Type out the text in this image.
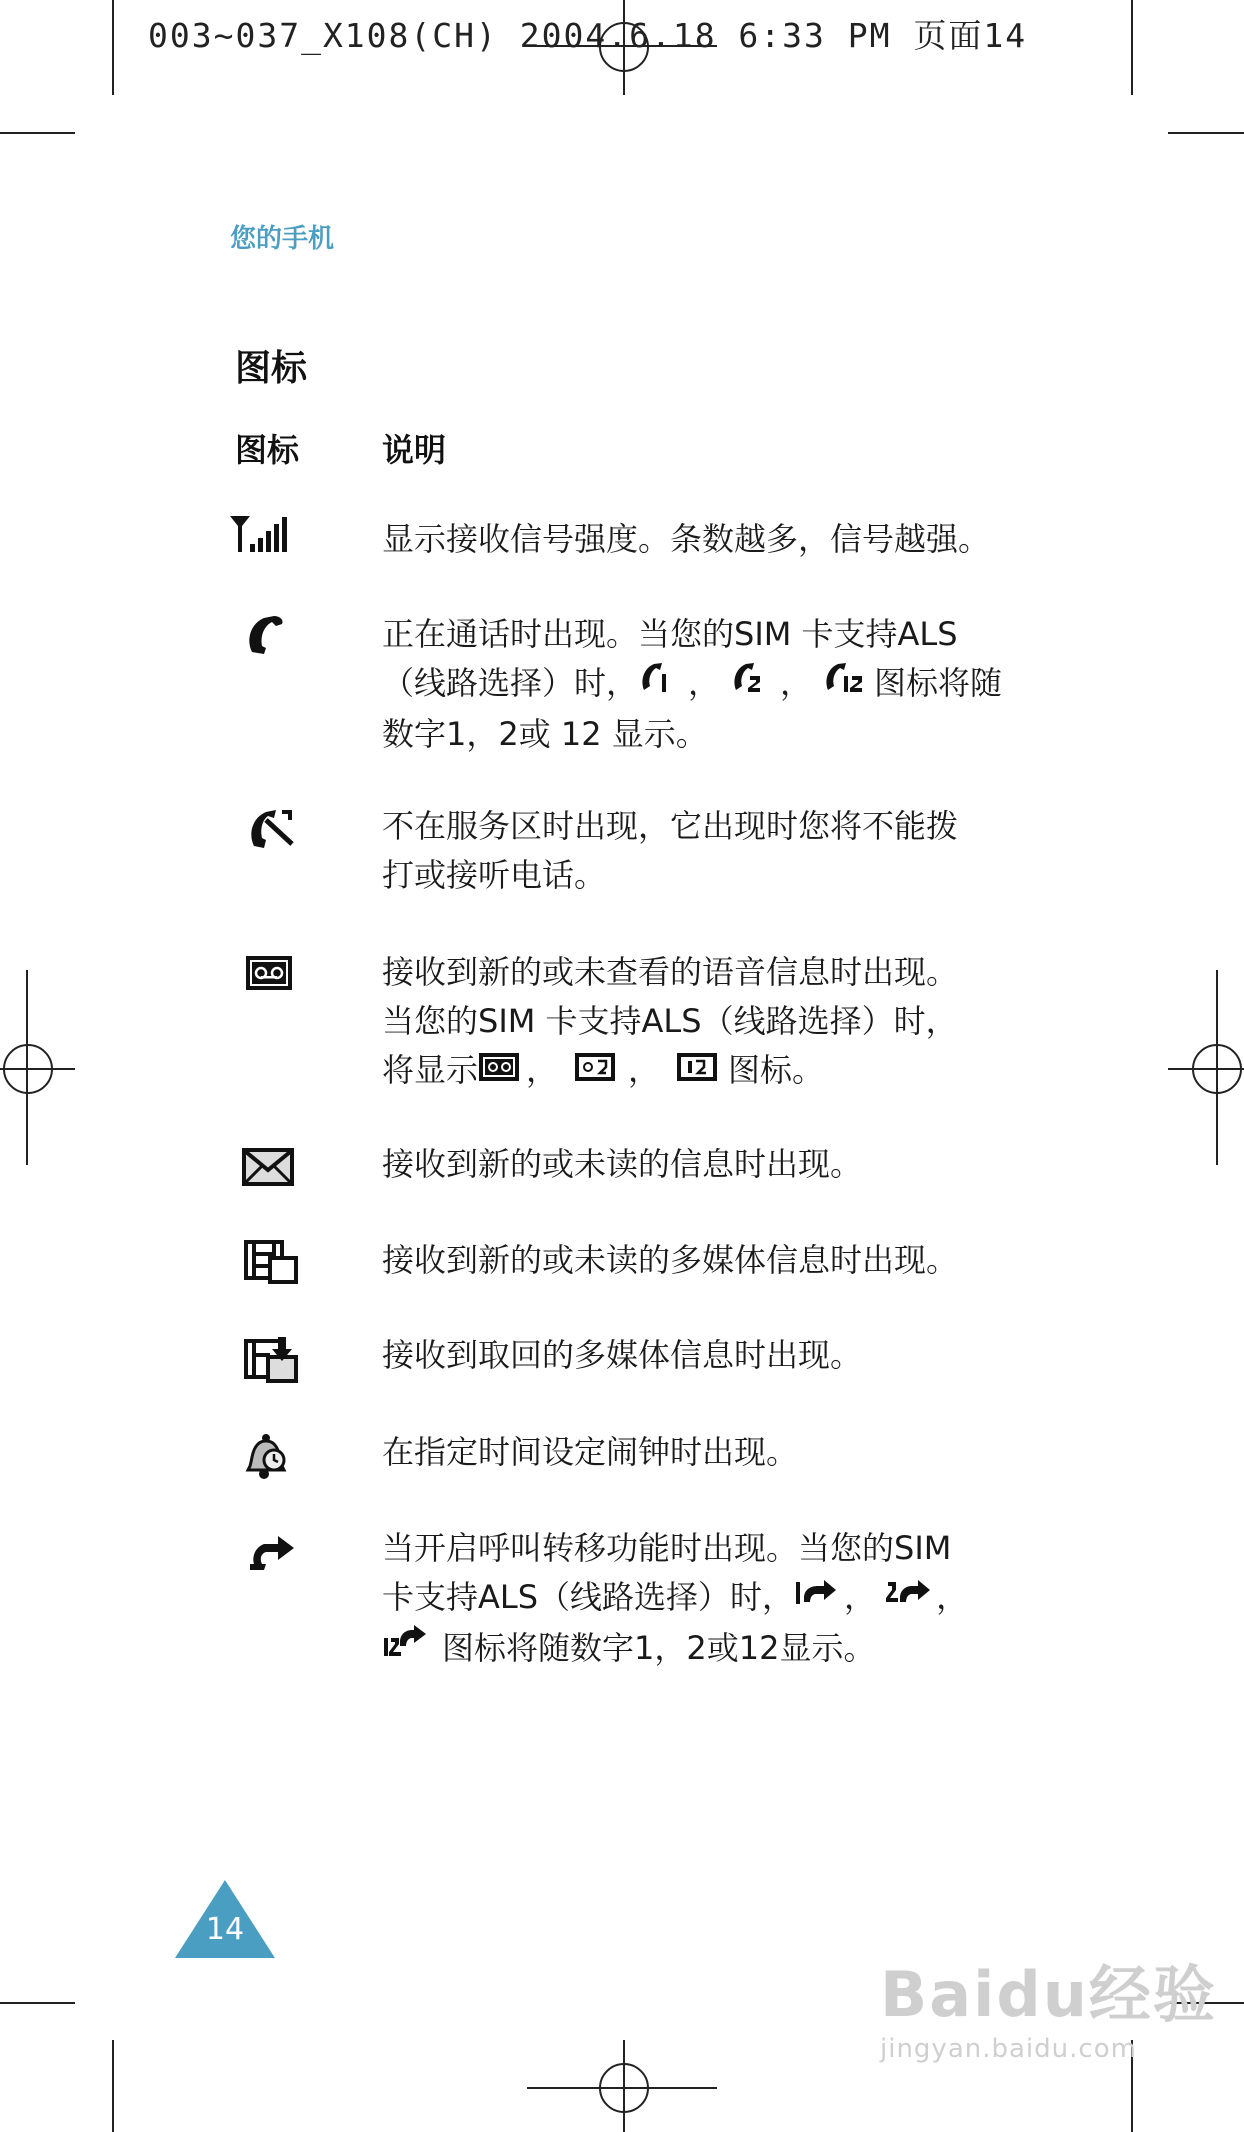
003~037_X108(CH) 2004.6.18 6:33 PM 页面14
您的手机
图标
图标	说明
显示接收信号强度。条数越多，信号越强。
正在通话时出现。当您的SIM 卡支持ALS
（线路选择）时， ， ， 图标将随
数字1，2或 12 显示。
不在服务区时出现，它出现时您将不能拨
打或接听电话。
接收到新的或未查看的语音信息时出现。
当您的SIM 卡支持ALS（线路选择）时，
将显示 ， ， 图标。
接收到新的或未读的信息时出现。
接收到新的或未读的多媒体信息时出现。
接收到取回的多媒体信息时出现。
在指定时间设定闹钟时出现。
当开启呼叫转移功能时出现。当您的SIM
卡支持ALS（线路选择）时， ， ，
图标将随数字1，2或12显示。
14
Baidu经验
jingyan.baidu.com
